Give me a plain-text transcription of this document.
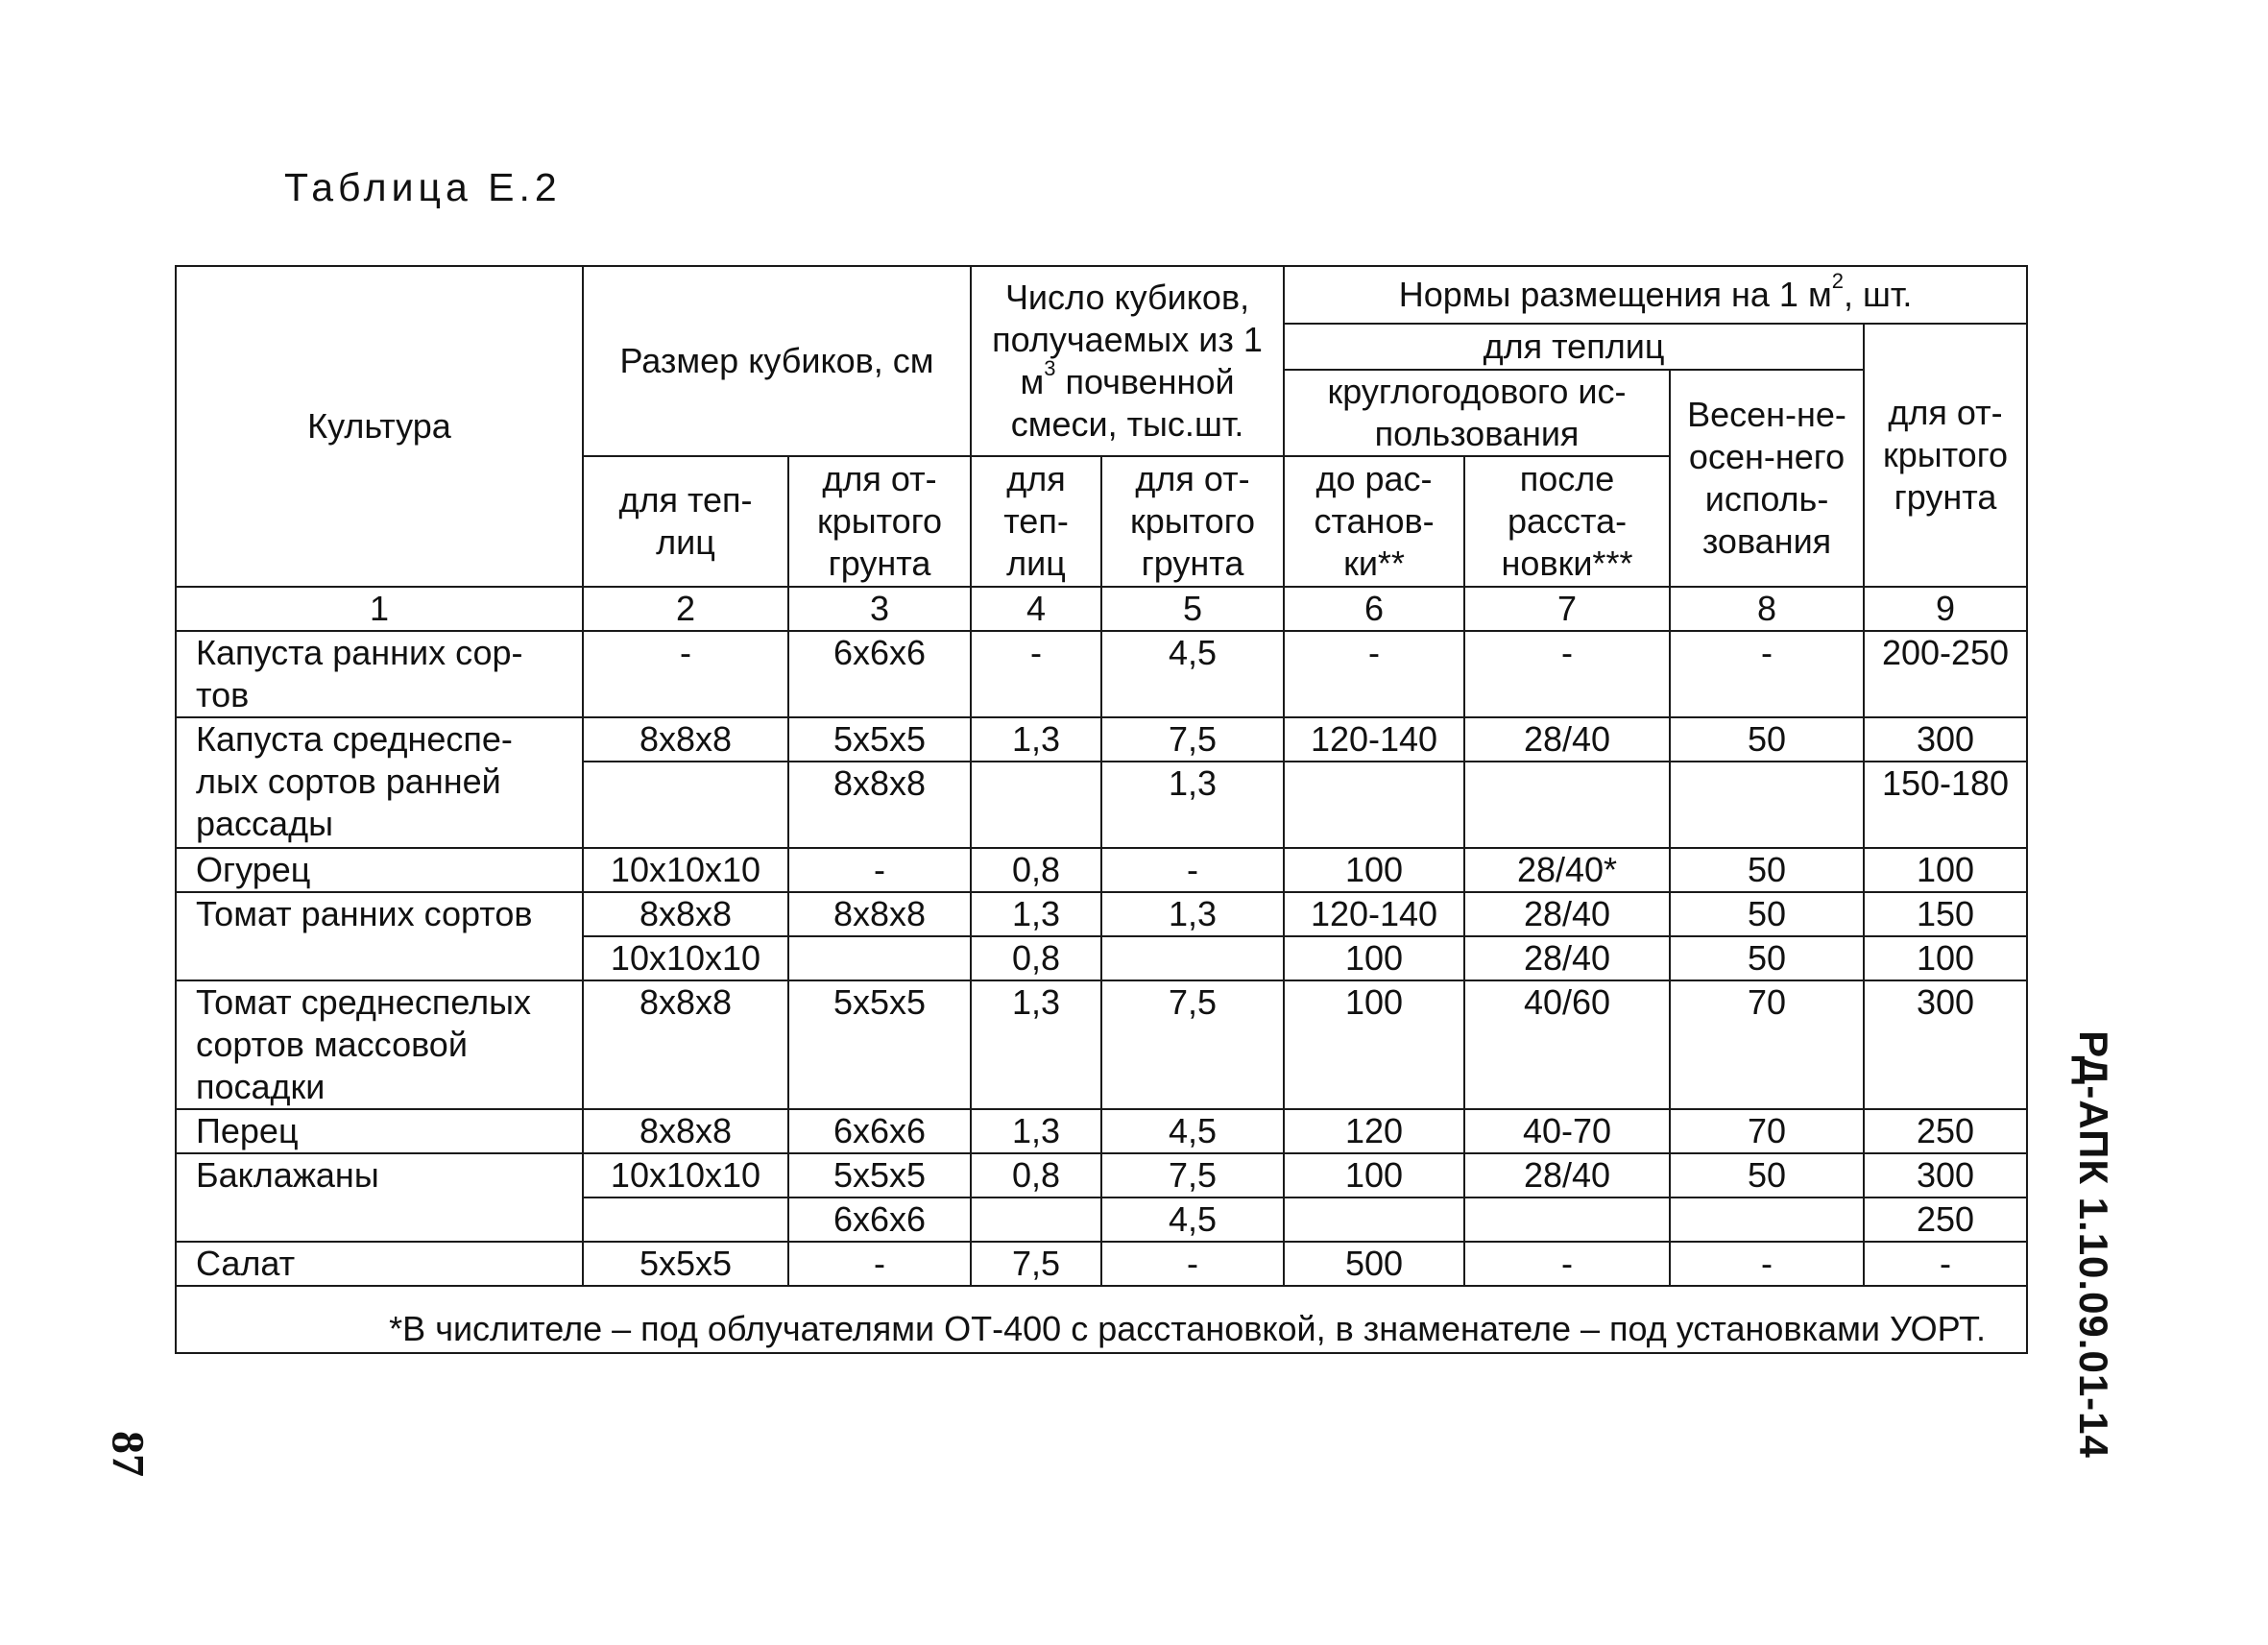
Таблица Е.2
Культура	Размер кубиков, см		Число кубиков, получаемых из 1 $м^3$ почвенной смеси, тыс.шт.		Нормы размещения на 1 $м^2$, шт.			
					для теплиц			для от-крытого грунта
					круглогодового ис-пользования		Весен-не-осен-него исполь-зования	
	для теп-лиц	для от-крытого грунта	для теп-лиц	для от-крытого грунта	до рас-станов-ки**	после расста-новки***		
1	2	3	4	5	6	7	8	9
Капуста ранних сор-тов	-	6х6х6	-	4,5	-	-	-	200-250
Капуста среднеспе-лых сортов ранней рассады	8х8х8	5х5х5	1,3	7,5	120-140	28/40	50	300
		8х8х8		1,3				150-180
Огурец	10х10х10	-	0,8	-	100	28/40*	50	100
Томат ранних сортов	8х8х8	8х8х8	1,3	1,3	120-140	28/40	50	150
	10х10х10		0,8		100	28/40	50	100
Томат среднеспелых сортов массовой посадки	8х8х8	5х5х5	1,3	7,5	100	40/60	70	300
Перец	8х8х8	6х6х6	1,3	4,5	120	40-70	70	250
Баклажаны	10х10х10	5х5х5	0,8	7,5	100	28/40	50	300
		6х6х6		4,5				250
Салат	5х5х5	-	7,5	-	500	-	-	-
*В числителе – под облучателями ОТ-400 с расстановкой, в знаменателе – под установками УОРТ.								РД-АПК 1.10.09.01-14
87
